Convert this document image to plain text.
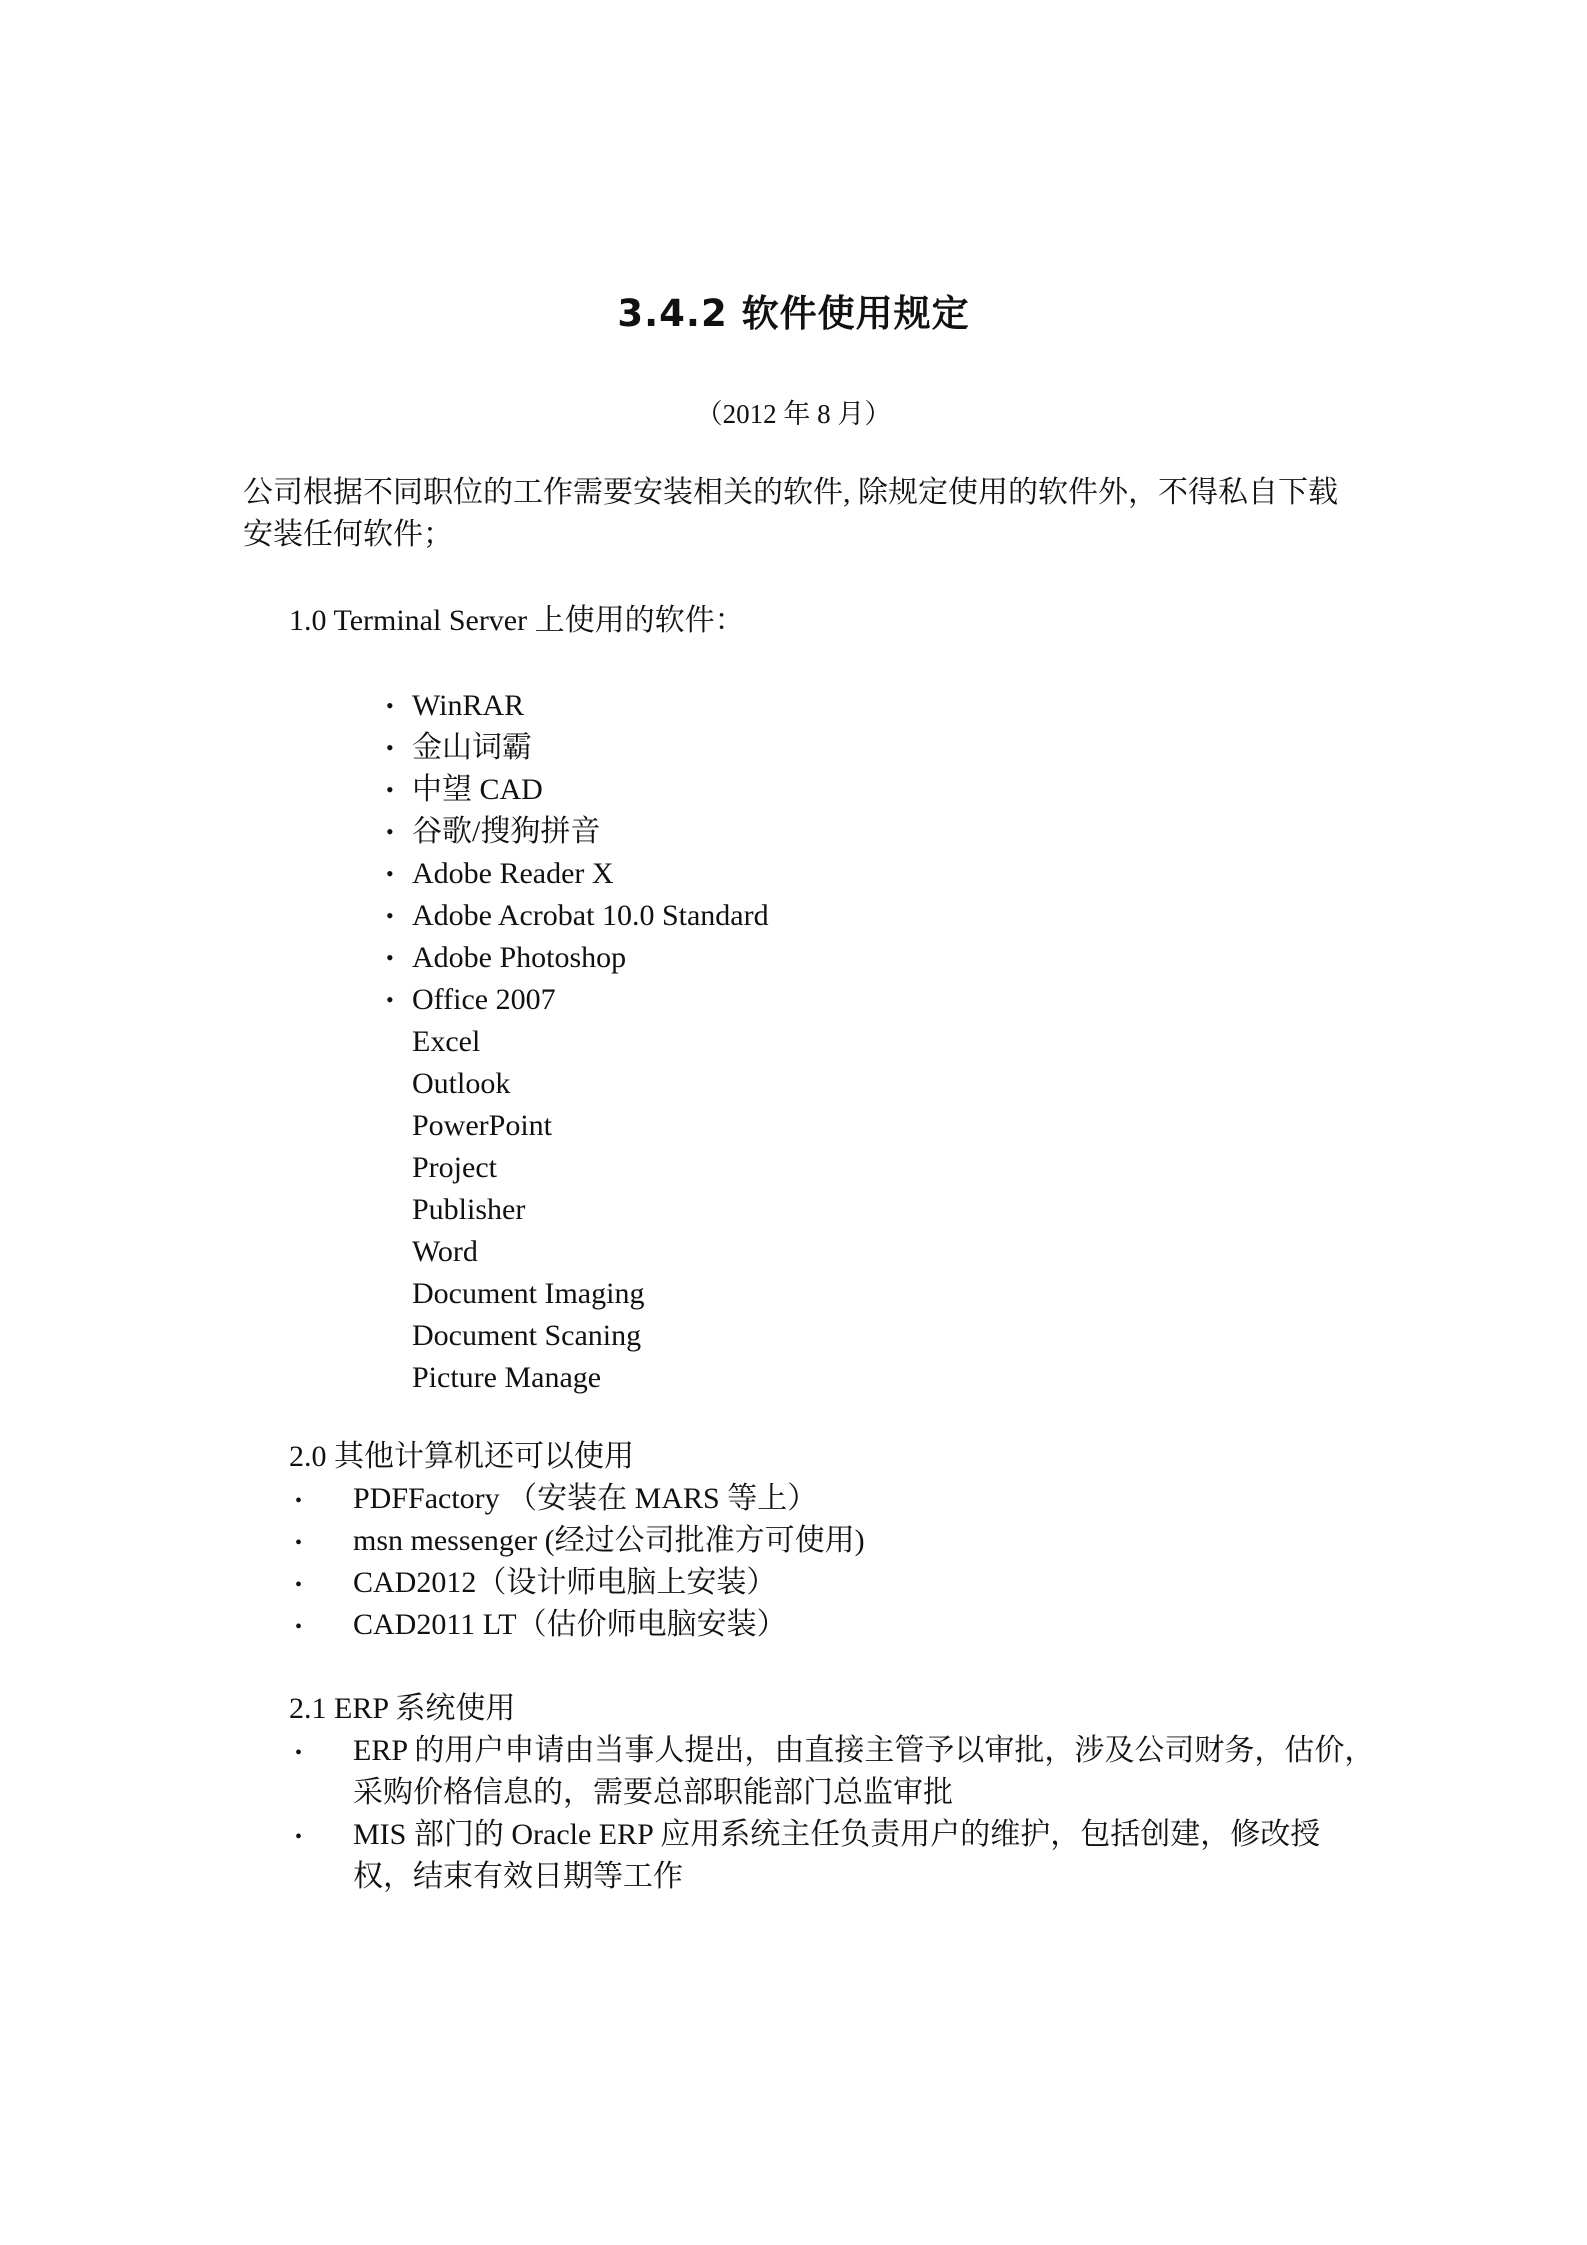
3.4.2 软件使用规定
（2012 年 8 月）
公司根据不同职位的工作需要安装相关的软件, 除规定使用的软件外，不得私自下载安装任何软件；
1.0 Terminal Server 上使用的软件：
• WinRAR
• 金山词霸
• 中望 CAD
• 谷歌/搜狗拼音
• Adobe Reader X
• Adobe Acrobat 10.0 Standard
• Adobe Photoshop
• Office 2007
Excel
Outlook
PowerPoint
Project
Publisher
Word
Document Imaging
Document Scaning
Picture Manage
2.0 其他计算机还可以使用
• PDFFactory （安装在 MARS 等上）
• msn messenger (经过公司批准方可使用)
• CAD2012（设计师电脑上安装）
• CAD2011 LT（估价师电脑安装）
2.1 ERP 系统使用
• ERP 的用户申请由当事人提出，由直接主管予以审批，涉及公司财务，估价，采购价格信息的，需要总部职能部门总监审批
• MIS 部门的 Oracle ERP 应用系统主任负责用户的维护，包括创建，修改授权，结束有效日期等工作
